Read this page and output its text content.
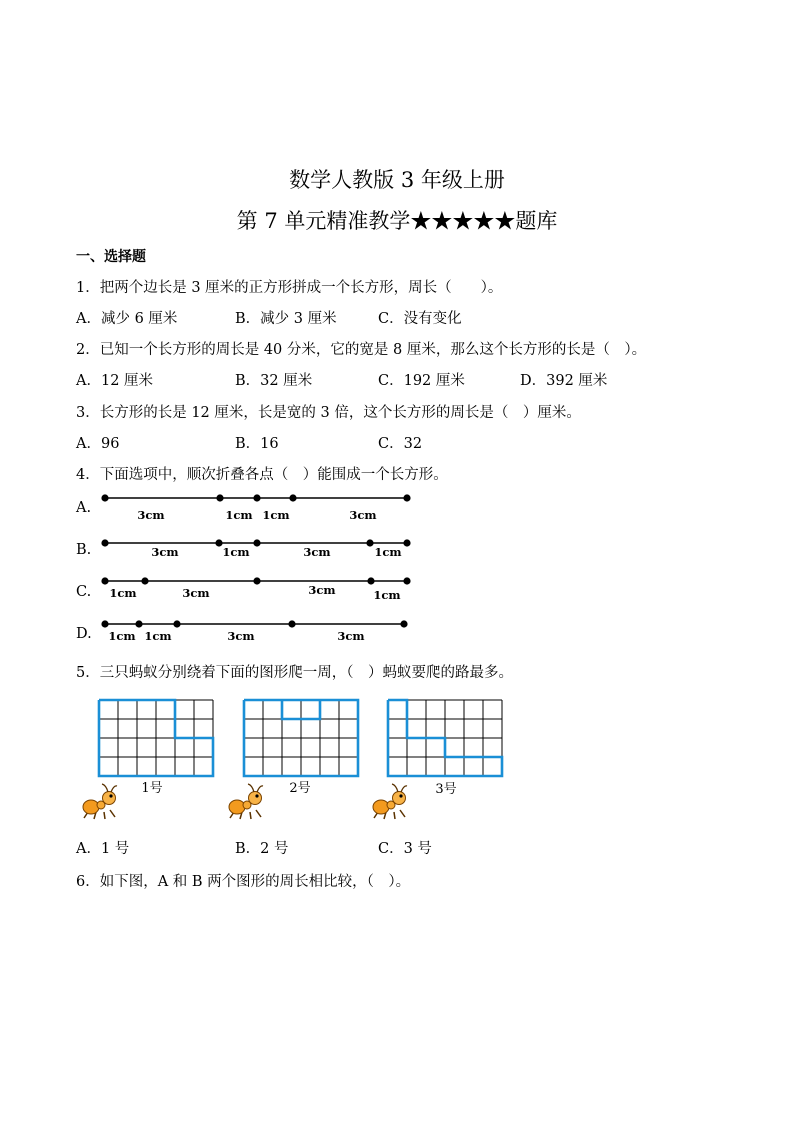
数学人教版 3 年级上册
第 7 单元精准教学★★★★★题库
一、选择题
1．把两个边长是 3 厘米的正方形拼成一个长方形，周长（　　）。
A．减少 6 厘米	B．减少 3 厘米	C．没有变化
2．已知一个长方形的周长是 40 分米，它的宽是 8 厘米，那么这个长方形的长是（　）。
A．12 厘米	B．32 厘米	C．192 厘米	D．392 厘米
3．长方形的长是 12 厘米，长是宽的 3 倍，这个长方形的周长是（　）厘米。
A．96	B．16	C．32
4．下面选项中，顺次折叠各点（　）能围成一个长方形。
A.
B.
C.
D.
3cm	1cm 1cm	3cm
3cm	1cm	3cm	1cm
1cm	3cm	3cm	1cm
1cm 1cm	3cm	3cm
1号	2号	3号
5．三只蚂蚁分别绕着下面的图形爬一周，（　）蚂蚁要爬的路最多。
A．1 号	B．2 号	C．3 号
6．如下图，A 和 B 两个图形的周长相比较，（　）。
